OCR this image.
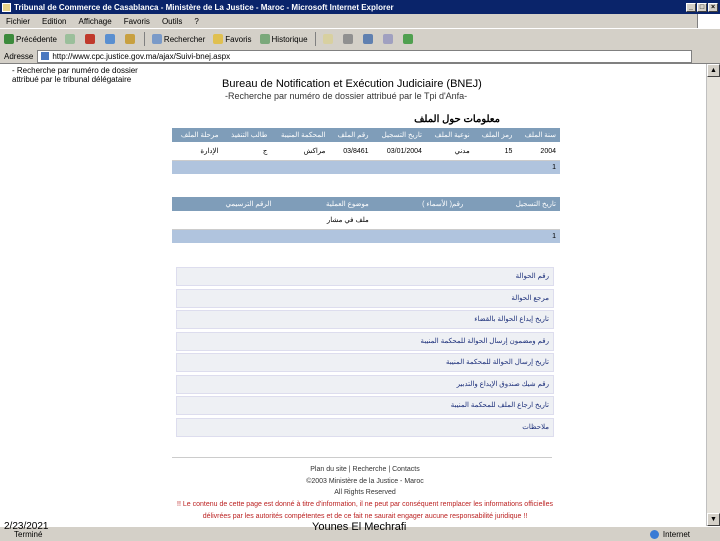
Tribunal de Commerce de Casablanca - Ministère de La Justice - Maroc - Microsoft Internet Explorer	_ □ ×
Fichier	Edition	Affichage	Favoris	Outils	?
Précédente	Rechercher	Favoris	Historique
Adresse	http://www.cpc.justice.gov.ma/ajax/Suivi-bnej.aspx
- Recherche par numéro de dossier
attribué par le tribunal délégataire	Bureau de Notification et Exécution Judiciaire (BNEJ)
-Recherche par numéro de dossier attribué par le Tpi d'Anfa-
معلومات حول الملف
مرحلة الملف	طالب التنفيذ	المحكمة المنيبة	رقم الملف	تاريخ التسجيل	نوعية الملف	رمز الملف	سنة الملف
الإدارة	ج	مراكش	03/8461	03/01/2004	مدني	15	2004
1							
الرقم الترسيمي	موضوع العملية	( الأسماء )رقم	تاريخ التسجيل
	ملف في مشار		
1			
رقم الحوالة
مرجع الحوالة
تاريخ إيداع الحوالة بالقضاء
رقم ومضمون إرسال الحوالة للمحكمة المنيبة
تاريخ إرسال الحوالة للمحكمة المنيبة
رقم شيك صندوق الإيداع والتدبير
تاريخ ارجاع الملف للمحكمة المنيبة
ملاحظات
Plan du site | Recherche | Contacts
©2003 Ministère de la Justice - Maroc
All Rights Reserved
!! Le contenu de cette page est donné à titre d'information, il ne peut par conséquent remplacer les informations officielles
délivrées par les autorités compétentes et de ce fait ne saurait engager aucune responsabilité juridique !!
▲
▼
Terminé	Internet
2/23/2021	Younes El Mechrafi
